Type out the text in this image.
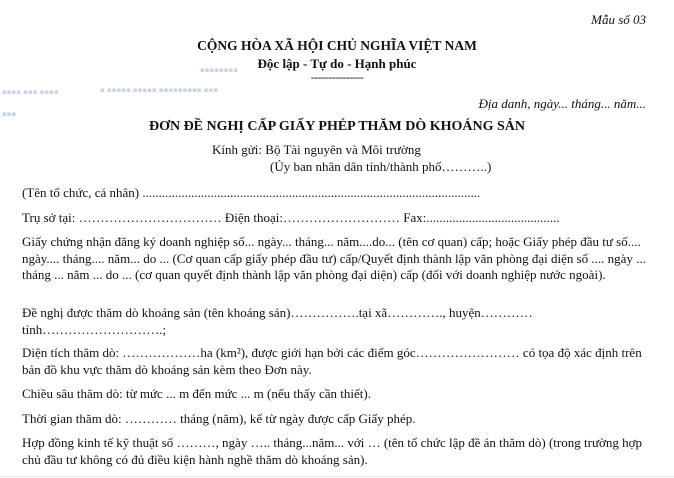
▪▪▪▪ ▪▪▪ ▪▪▪▪
▪▪▪
▪▪▪▪▪▪▪▪
▪ ▪▪▪▪▪ ▪▪▪▪▪ ▪▪▪▪▪▪▪▪▪ ▪▪▪
Mẫu số 03
CỘNG HÒA XÃ HỘI CHỦ NGHĨA VIỆT NAM
Độc lập - Tự do - Hạnh phúc
---------------
Địa danh, ngày... tháng... năm...
ĐƠN ĐỀ NGHỊ CẤP GIẤY PHÉP THĂM DÒ KHOÁNG SẢN
Kính gửi: Bộ Tài nguyên và Môi trường
(Ủy ban nhân dân tỉnh/thành phố………..)

(Tên tổ chức, cá nhân) ........................................................................................................

Trụ sở tại: …………………………… Điện thoại:……………………… Fax:.........................................

Giấy chứng nhận đăng ký doanh nghiệp số... ngày... tháng... năm....do... (tên cơ quan) cấp; hoặc Giấy phép đầu tư số.... ngày.... tháng.... năm... do ... (Cơ quan cấp giấy phép đầu tư) cấp/Quyết định thành lập văn phòng đại diện số .... ngày ... tháng ... năm ... do ... (cơ quan quyết định thành lập văn phòng đại diện) cấp (đối với doanh nghiệp nước ngoài).

Đề nghị được thăm dò khoáng sản (tên khoáng sản)…………….tại xã…………., huyện………… tỉnh……………………….;

Diện tích thăm dò: ………………ha (km²), được giới hạn bởi các điểm góc…………………… có tọa độ xác định trên bản đồ khu vực thăm dò khoáng sản kèm theo Đơn này.

Chiều sâu thăm dò: từ mức ... m đến mức ... m (nếu thấy cần thiết).

Thời gian thăm dò: ………… tháng (năm), kể từ ngày được cấp Giấy phép.

Hợp đồng kinh tế kỹ thuật số ………, ngày ….. tháng...năm... với … (tên tổ chức lập đề án thăm dò) (trong trường hợp chủ đầu tư không có đủ điều kiện hành nghề thăm dò khoáng sản).
